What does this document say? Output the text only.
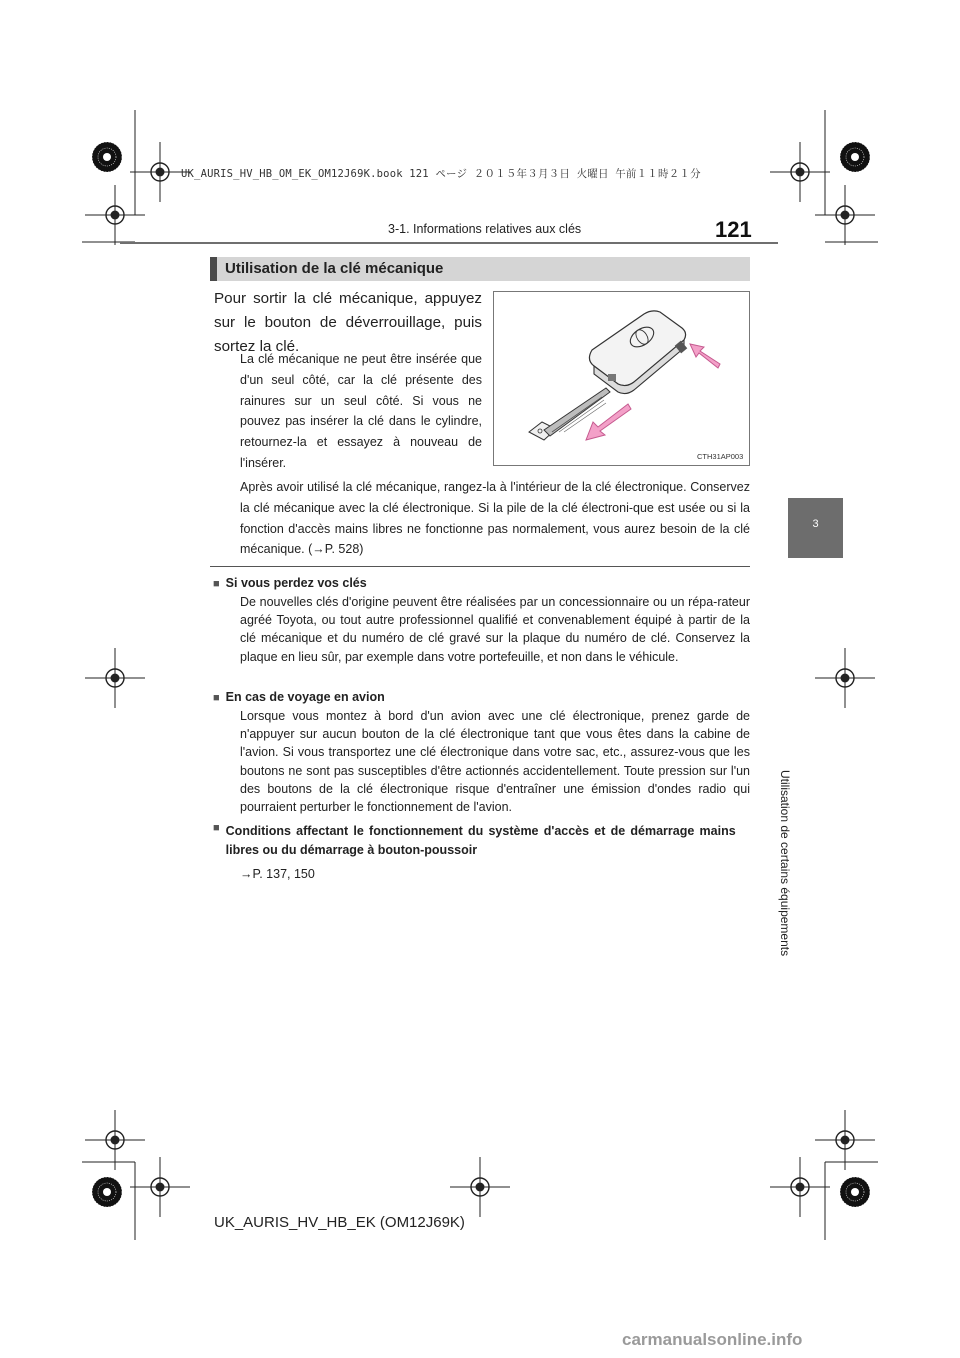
UK_AURIS_HV_HB_OM_EK_OM12J69K.book 121 ページ ２０１５年３月３日 火曜日 午前１１時２１分
121
3-1. Informations relatives aux clés
3
Utilisation de certains équipements
Utilisation de la clé mécanique
Pour sortir la clé mécanique, appuyez sur le bouton de déverrouillage, puis sortez la clé.
La clé mécanique ne peut être insérée que d'un seul côté, car la clé présente des rainures sur un seul côté. Si vous ne pouvez pas insérer la clé dans le cylindre, retournez-la et essayez à nouveau de l'insérer.	CTH31AP003
Après avoir utilisé la clé mécanique, rangez-la à l'intérieur de la clé électronique. Conservez la clé mécanique avec la clé électronique. Si la pile de la clé électroni-que est usée ou si la fonction d'accès mains libres ne fonctionne pas normalement, vous aurez besoin de la clé mécanique. (→P. 528)
■ Si vous perdez vos clés
De nouvelles clés d'origine peuvent être réalisées par un concessionnaire ou un répa-rateur agréé Toyota, ou tout autre professionnel qualifié et convenablement équipé à partir de la clé mécanique et du numéro de clé gravé sur la plaque du numéro de clé. Conservez la plaque en lieu sûr, par exemple dans votre portefeuille, et non dans le véhicule.
■ En cas de voyage en avion
Lorsque vous montez à bord d'un avion avec une clé électronique, prenez garde de n'appuyer sur aucun bouton de la clé électronique tant que vous êtes dans la cabine de l'avion. Si vous transportez une clé électronique dans votre sac, etc., assurez-vous que les boutons ne sont pas susceptibles d'être actionnés accidentellement. Toute pression sur l'un des boutons de la clé électronique risque d'entraîner une émission d'ondes radio qui pourraient perturber le fonctionnement de l'avion.
■ Conditions affectant le fonctionnement du système d'accès et de démarrage mains libres ou du démarrage à bouton-poussoir
→P. 137, 150
UK_AURIS_HV_HB_EK (OM12J69K)
carmanualsonline.info
